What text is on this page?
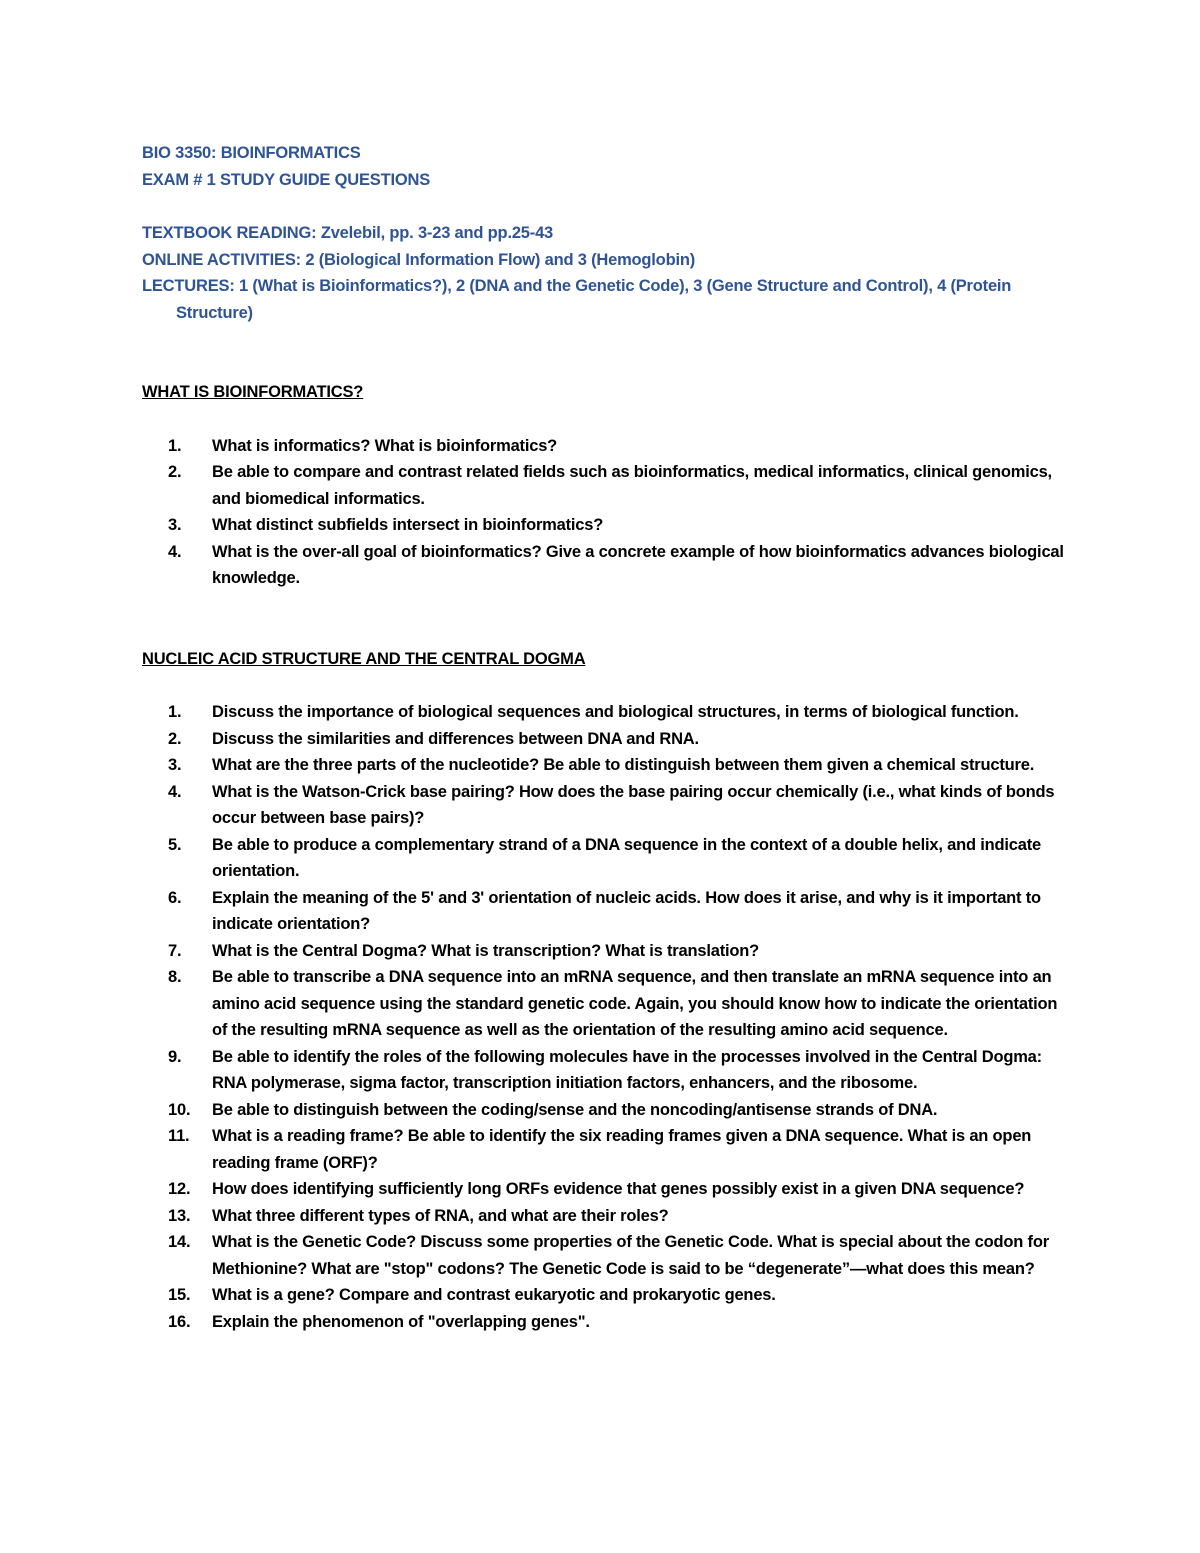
BIO 3350: BIOINFORMATICS
EXAM # 1 STUDY GUIDE QUESTIONS
TEXTBOOK READING: Zvelebil, pp. 3-23 and pp.25-43
ONLINE ACTIVITIES: 2 (Biological Information Flow) and 3 (Hemoglobin)
LECTURES: 1 (What is Bioinformatics?), 2 (DNA and the Genetic Code), 3 (Gene Structure and Control), 4 (Protein Structure)
WHAT IS BIOINFORMATICS?
1.	What is informatics? What is bioinformatics?
2.	Be able to compare and contrast related fields such as bioinformatics, medical informatics, clinical genomics, and biomedical informatics.
3.	What distinct subfields intersect in bioinformatics?
4.	What is the over-all goal of bioinformatics? Give a concrete example of how bioinformatics advances biological knowledge.
NUCLEIC ACID STRUCTURE AND THE CENTRAL DOGMA
1.	Discuss the importance of biological sequences and biological structures, in terms of biological function.
2.	Discuss the similarities and differences between DNA and RNA.
3.	What are the three parts of the nucleotide? Be able to distinguish between them given a chemical structure.
4.	What is the Watson-Crick base pairing? How does the base pairing occur chemically (i.e., what kinds of bonds occur between base pairs)?
5.	Be able to produce a complementary strand of a DNA sequence in the context of a double helix, and indicate orientation.
6.	Explain the meaning of the 5' and 3' orientation of nucleic acids. How does it arise, and why is it important to indicate orientation?
7.	What is the Central Dogma? What is transcription? What is translation?
8.	Be able to transcribe a DNA sequence into an mRNA sequence, and then translate an mRNA sequence into an amino acid sequence using the standard genetic code. Again, you should know how to indicate the orientation of the resulting mRNA sequence as well as the orientation of the resulting amino acid sequence.
9.	Be able to identify the roles of the following molecules have in the processes involved in the Central Dogma: RNA polymerase, sigma factor, transcription initiation factors, enhancers, and the ribosome.
10.	Be able to distinguish between the coding/sense and the noncoding/antisense strands of DNA.
11.	What is a reading frame? Be able to identify the six reading frames given a DNA sequence. What is an open reading frame (ORF)?
12.	How does identifying sufficiently long ORFs evidence that genes possibly exist in a given DNA sequence?
13.	What three different types of RNA, and what are their roles?
14.	What is the Genetic Code? Discuss some properties of the Genetic Code. What is special about the codon for Methionine? What are "stop" codons? The Genetic Code is said to be “degenerate”—what does this mean?
15.	What is a gene? Compare and contrast eukaryotic and prokaryotic genes.
16.	Explain the phenomenon of "overlapping genes".
